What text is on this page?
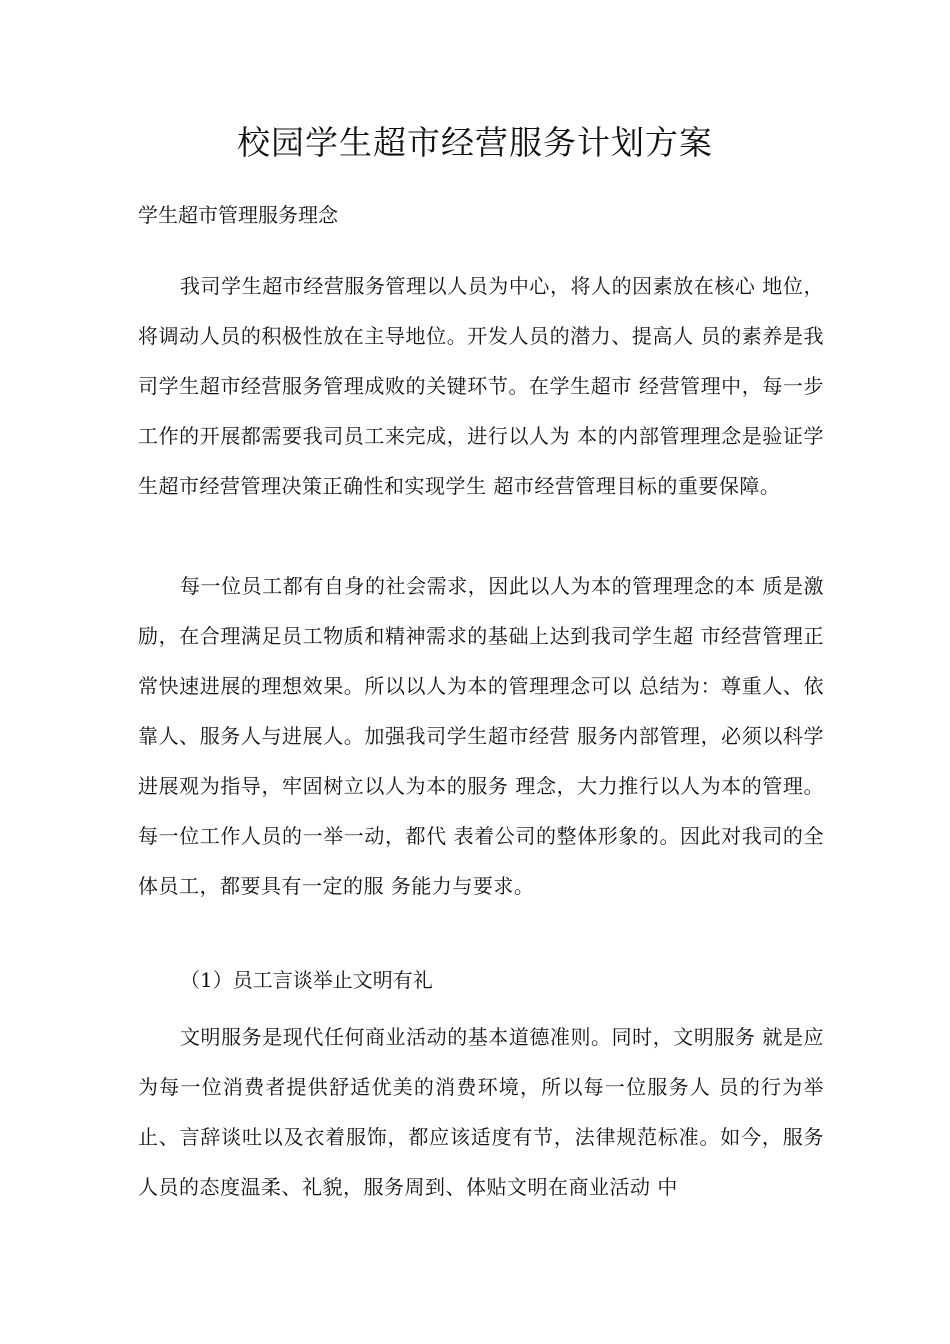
校园学生超市经营服务计划方案

学生超市管理服务理念

我司学生超市经营服务管理以人员为中心，将人的因素放在核心 地位，将调动人员的积极性放在主导地位。开发人员的潜力、提高人 员的素养是我司学生超市经营服务管理成败的关键环节。在学生超市 经营管理中，每一步工作的开展都需要我司员工来完成，进行以人为 本的内部管理理念是验证学生超市经营管理决策正确性和实现学生 超市经营管理目标的重要保障。

每一位员工都有自身的社会需求，因此以人为本的管理理念的本 质是激励，在合理满足员工物质和精神需求的基础上达到我司学生超 市经营管理正常快速进展的理想效果。所以以人为本的管理理念可以 总结为：尊重人、依靠人、服务人与进展人。加强我司学生超市经营 服务内部管理，必须以科学进展观为指导，牢固树立以人为本的服务 理念，大力推行以人为本的管理。每一位工作人员的一举一动，都代 表着公司的整体形象的。因此对我司的全体员工，都要具有一定的服 务能力与要求。

（1）员工言谈举止文明有礼

文明服务是现代任何商业活动的基本道德准则。同时，文明服务 就是应为每一位消费者提供舒适优美的消费环境，所以每一位服务人 员的行为举止、言辞谈吐以及衣着服饰，都应该适度有节，法律规范标准。如今，服务人员的态度温柔、礼貌，服务周到、体贴文明在商业活动 中
